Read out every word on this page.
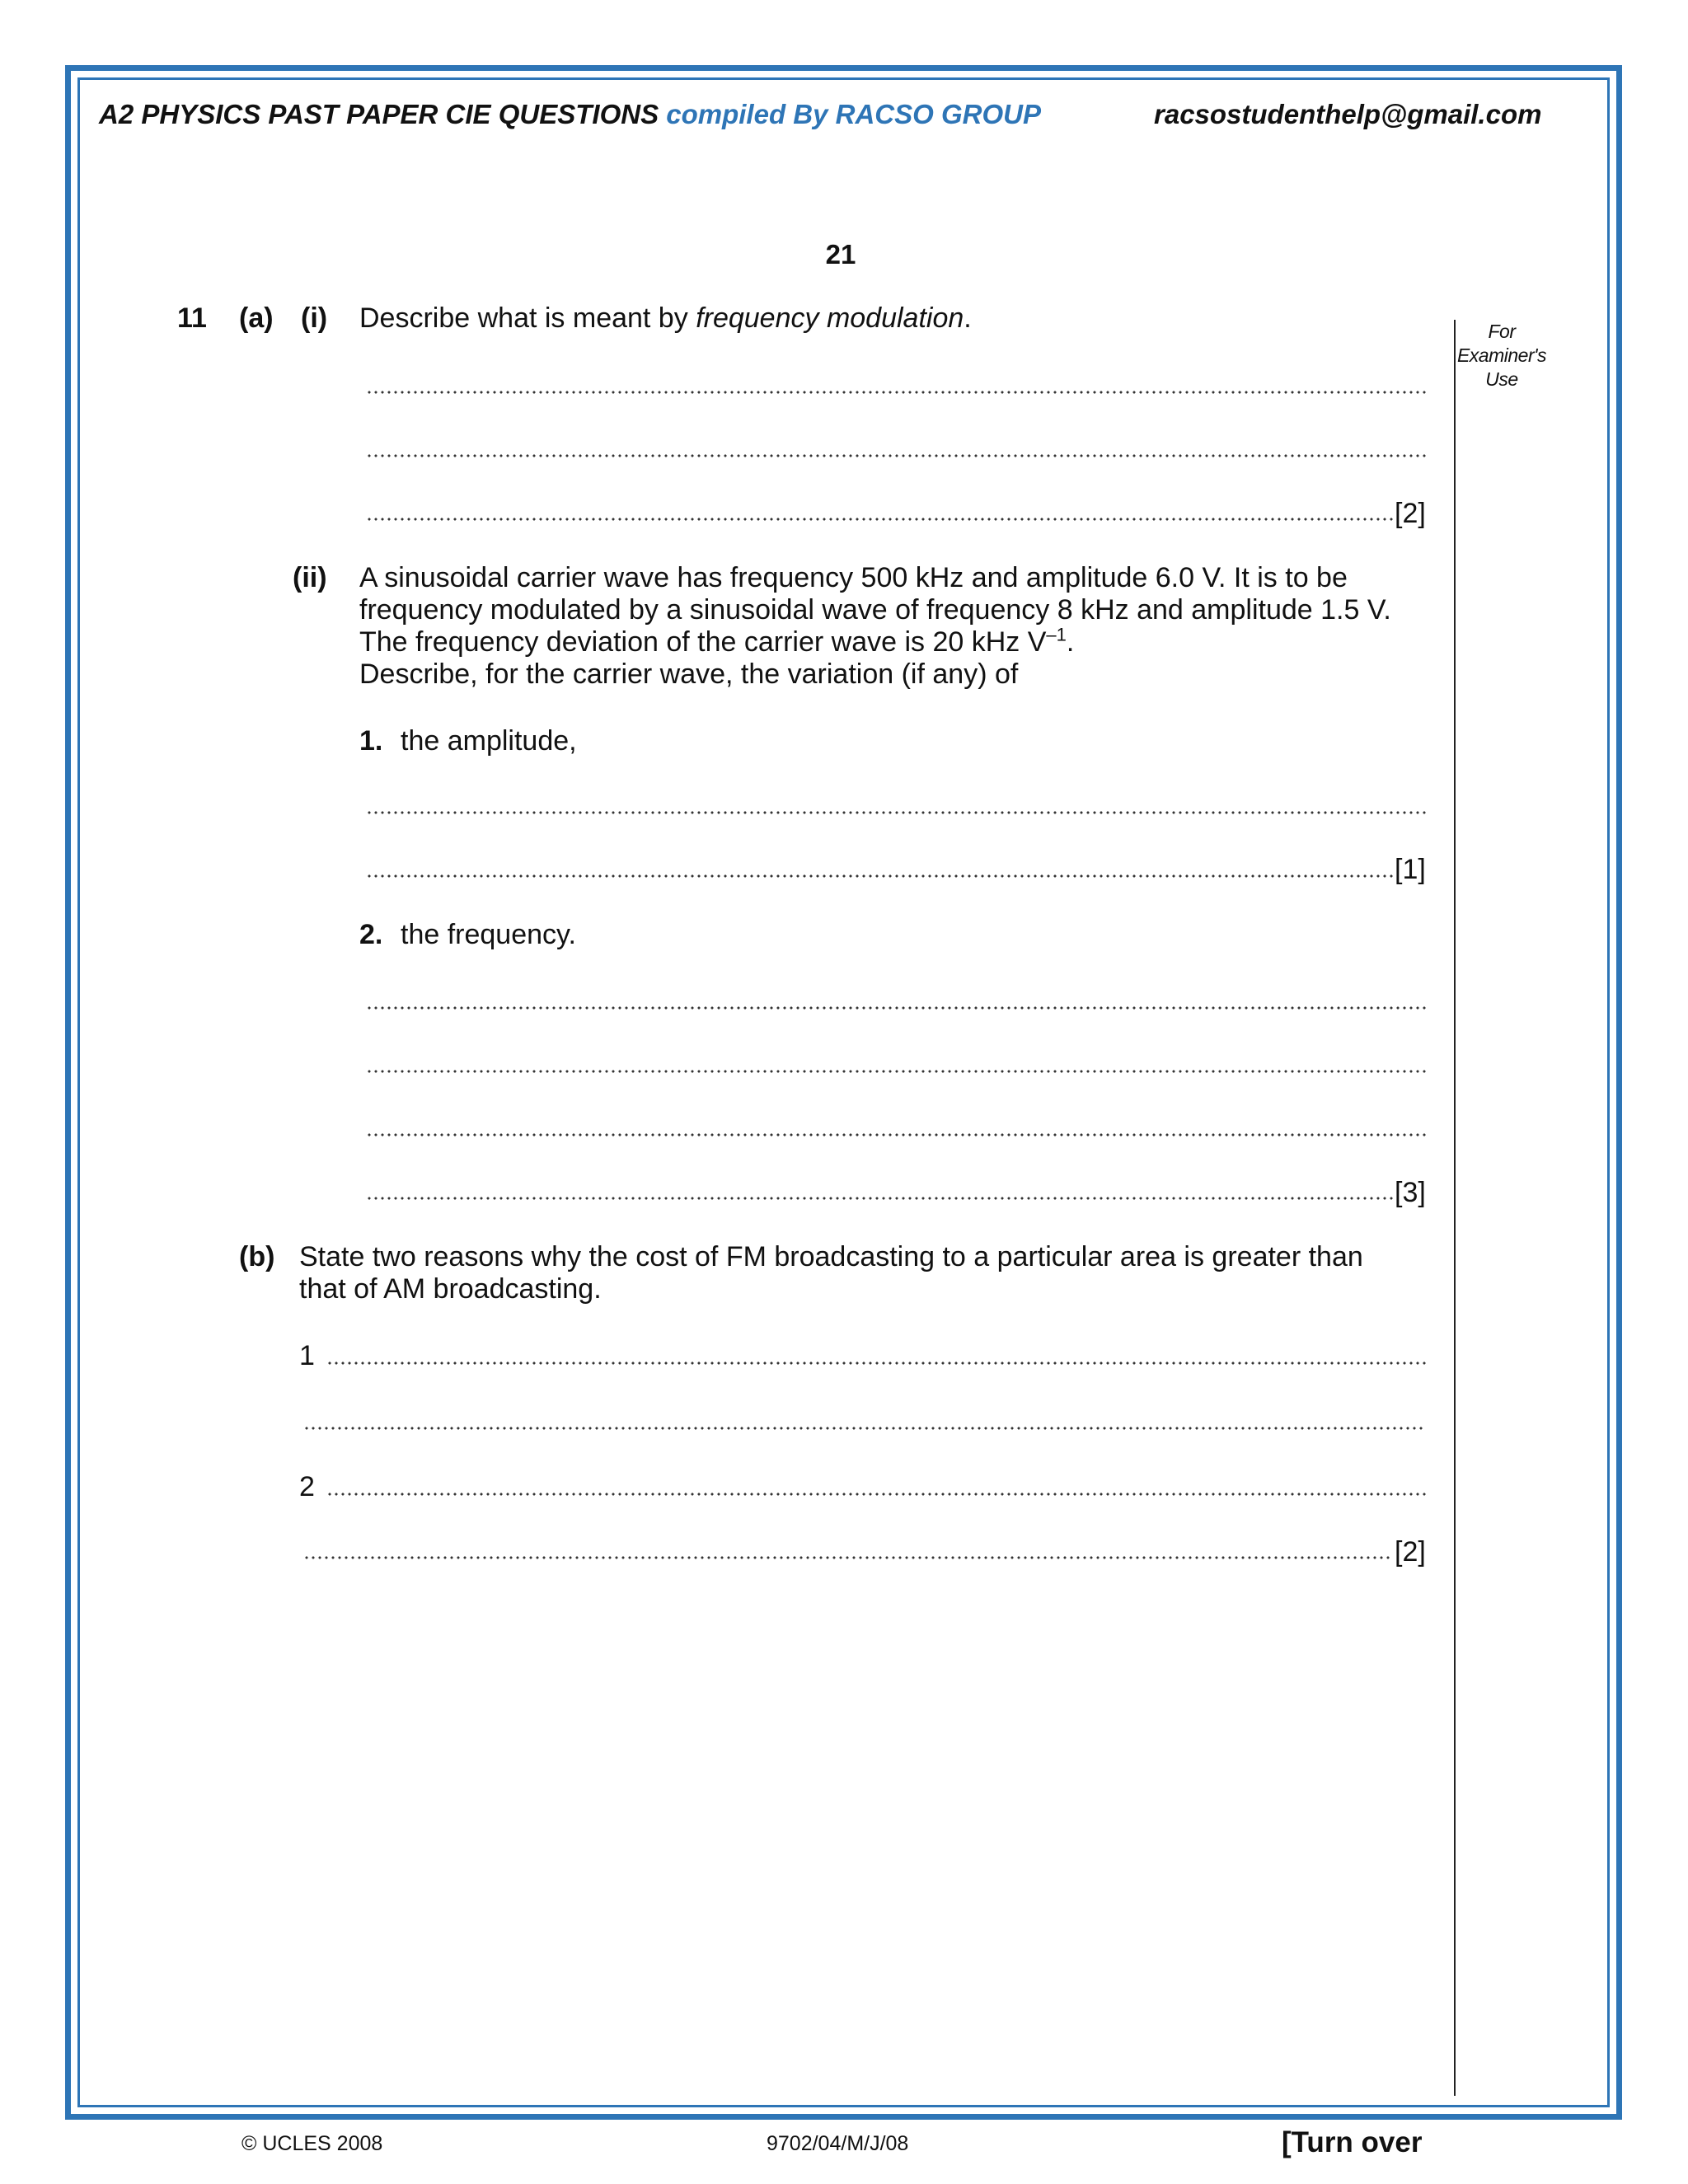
A2 PHYSICS PAST PAPER CIE QUESTIONS compiled By RACSO GROUP	racsostudenthelp@gmail.com
21
For
Examiner's
Use
11 (a) (i) Describe what is meant by frequency modulation.
[2]
(ii) A sinusoidal carrier wave has frequency 500 kHz and amplitude 6.0 V. It is to be
frequency modulated by a sinusoidal wave of frequency 8 kHz and amplitude 1.5 V.
The frequency deviation of the carrier wave is 20 kHz $V^{-1}$.
Describe, for the carrier wave, the variation (if any) of
1. the amplitude,
[1]
2. the frequency.
[3]
(b) State two reasons why the cost of FM broadcasting to a particular area is greater than
that of AM broadcasting.
1
2
[2]
© UCLES 2008	9702/04/M/J/08	[Turn over
